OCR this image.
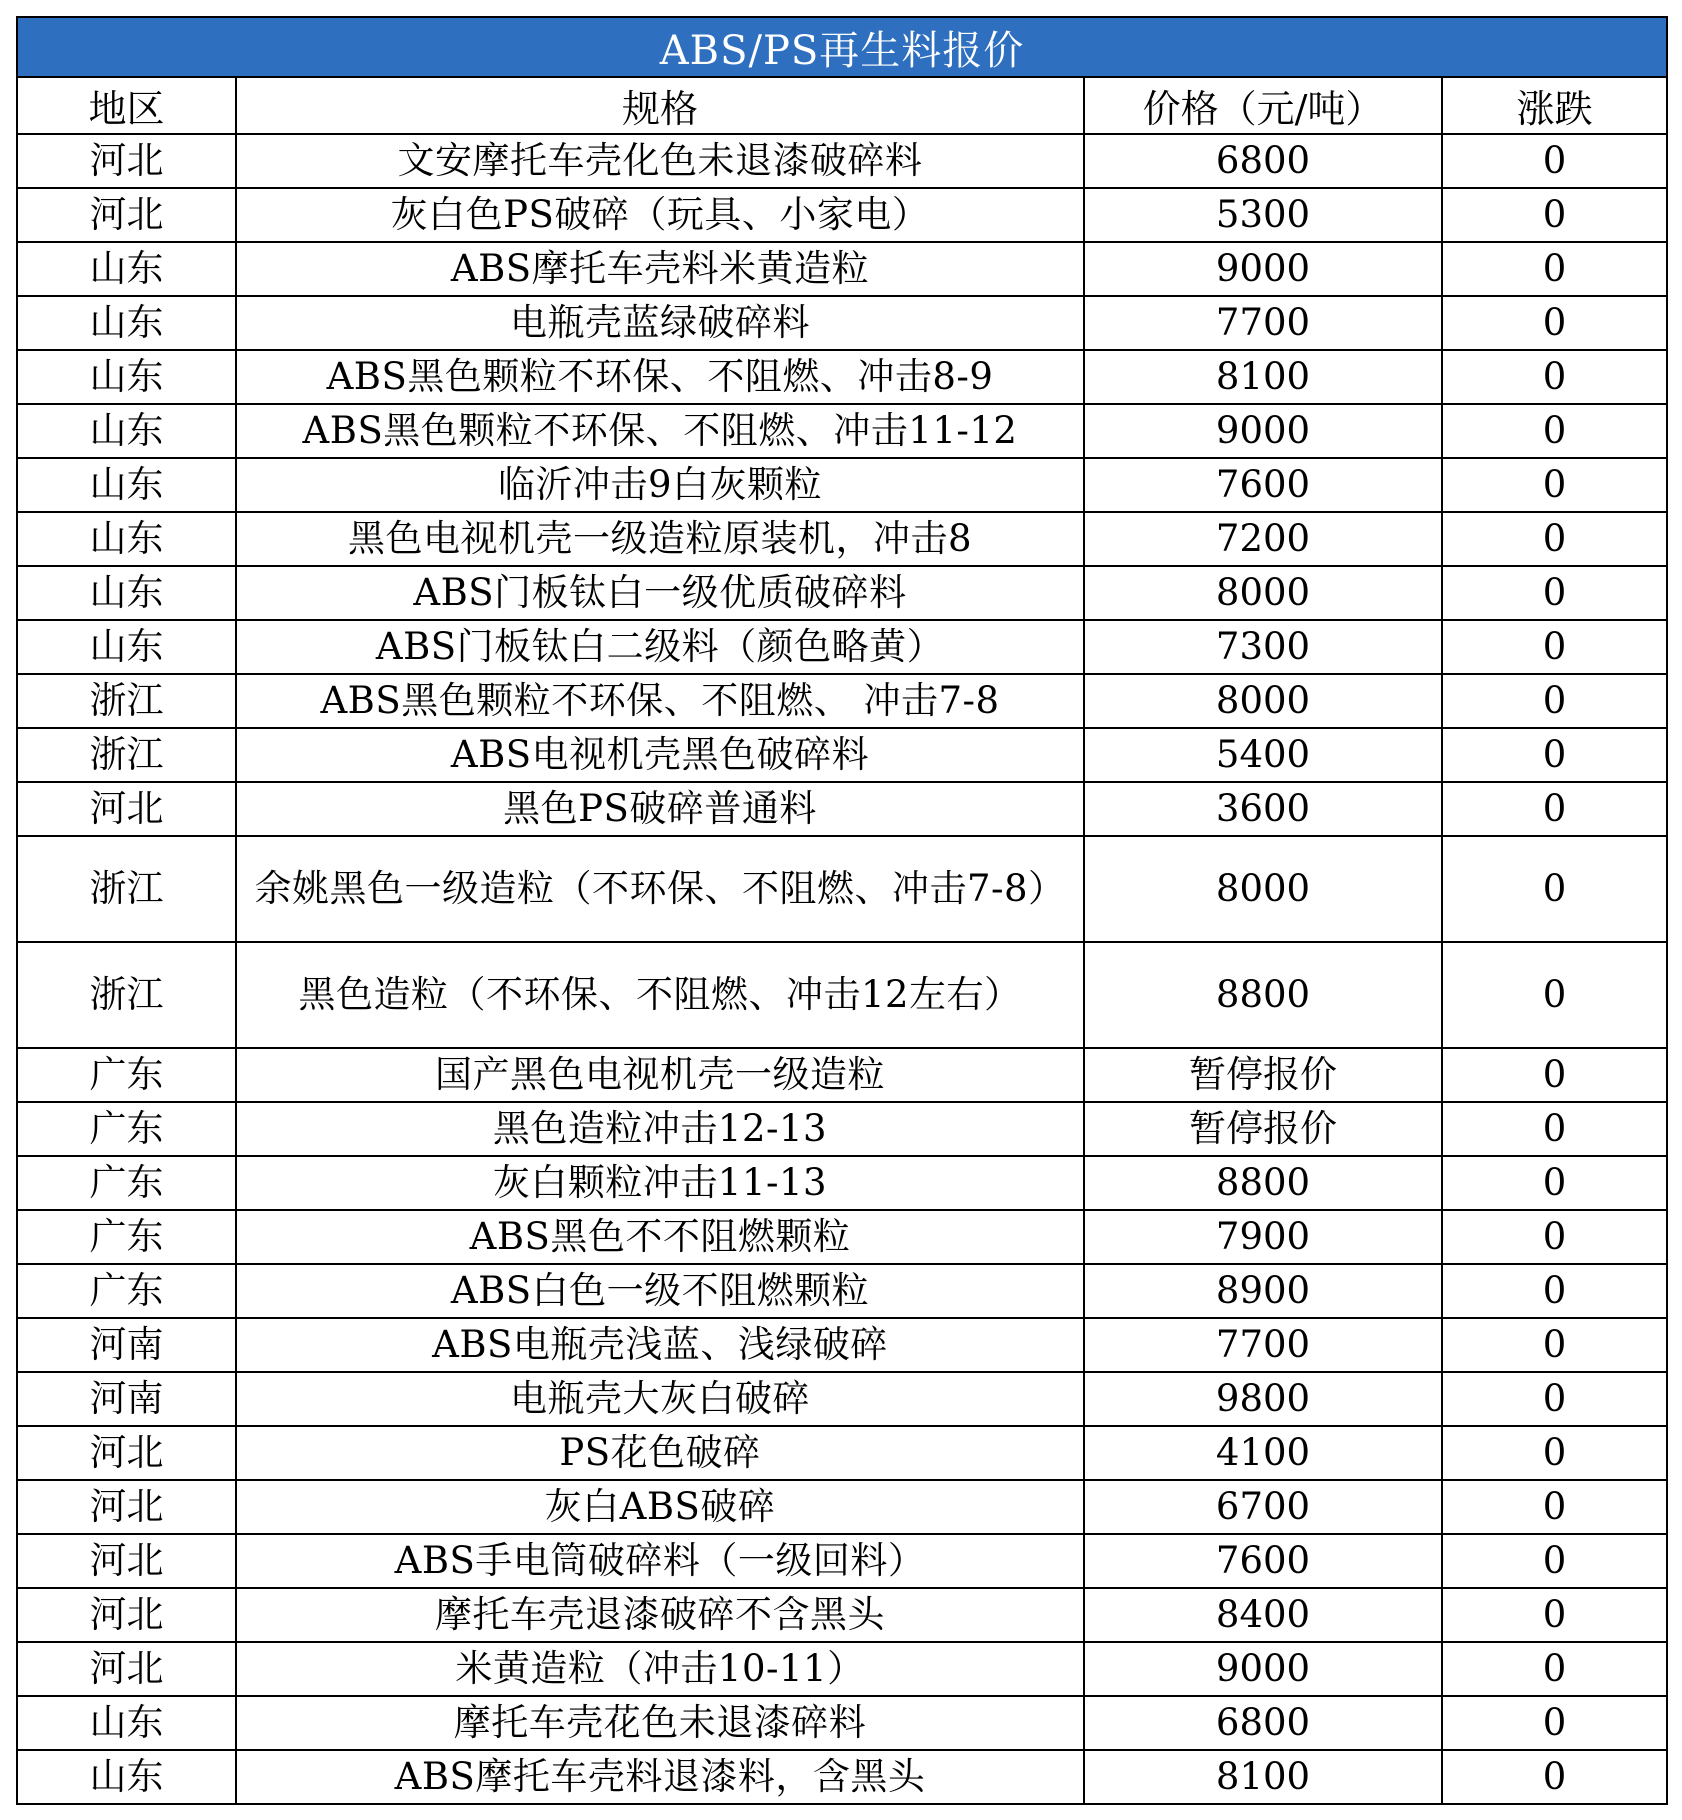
ABS/PS再生料报价			
地区	规格	价格（元/吨）	涨跌
河北	文安摩托车壳化色未退漆破碎料	6800	0
河北	灰白色PS破碎（玩具、小家电）	5300	0
山东	ABS摩托车壳料米黄造粒	9000	0
山东	电瓶壳蓝绿破碎料	7700	0
山东	ABS黑色颗粒不环保、不阻燃、冲击8-9	8100	0
山东	ABS黑色颗粒不环保、不阻燃、冲击11-12	9000	0
山东	临沂冲击9白灰颗粒	7600	0
山东	黑色电视机壳一级造粒原装机，冲击8	7200	0
山东	ABS门板钛白一级优质破碎料	8000	0
山东	ABS门板钛白二级料（颜色略黄）	7300	0
浙江	ABS黑色颗粒不环保、不阻燃、 冲击7-8	8000	0
浙江	ABS电视机壳黑色破碎料	5400	0
河北	黑色PS破碎普通料	3600	0
浙江	余姚黑色一级造粒（不环保、不阻燃、冲击7-8）	8000	0
浙江	黑色造粒（不环保、不阻燃、冲击12左右）	8800	0
广东	国产黑色电视机壳一级造粒	暂停报价	0
广东	黑色造粒冲击12-13	暂停报价	0
广东	灰白颗粒冲击11-13	8800	0
广东	ABS黑色不不阻燃颗粒	7900	0
广东	ABS白色一级不阻燃颗粒	8900	0
河南	ABS电瓶壳浅蓝、浅绿破碎	7700	0
河南	电瓶壳大灰白破碎	9800	0
河北	PS花色破碎	4100	0
河北	灰白ABS破碎	6700	0
河北	ABS手电筒破碎料（一级回料）	7600	0
河北	摩托车壳退漆破碎不含黑头	8400	0
河北	米黄造粒（冲击10-11）	9000	0
山东	摩托车壳花色未退漆碎料	6800	0
山东	ABS摩托车壳料退漆料，含黑头	8100	0
